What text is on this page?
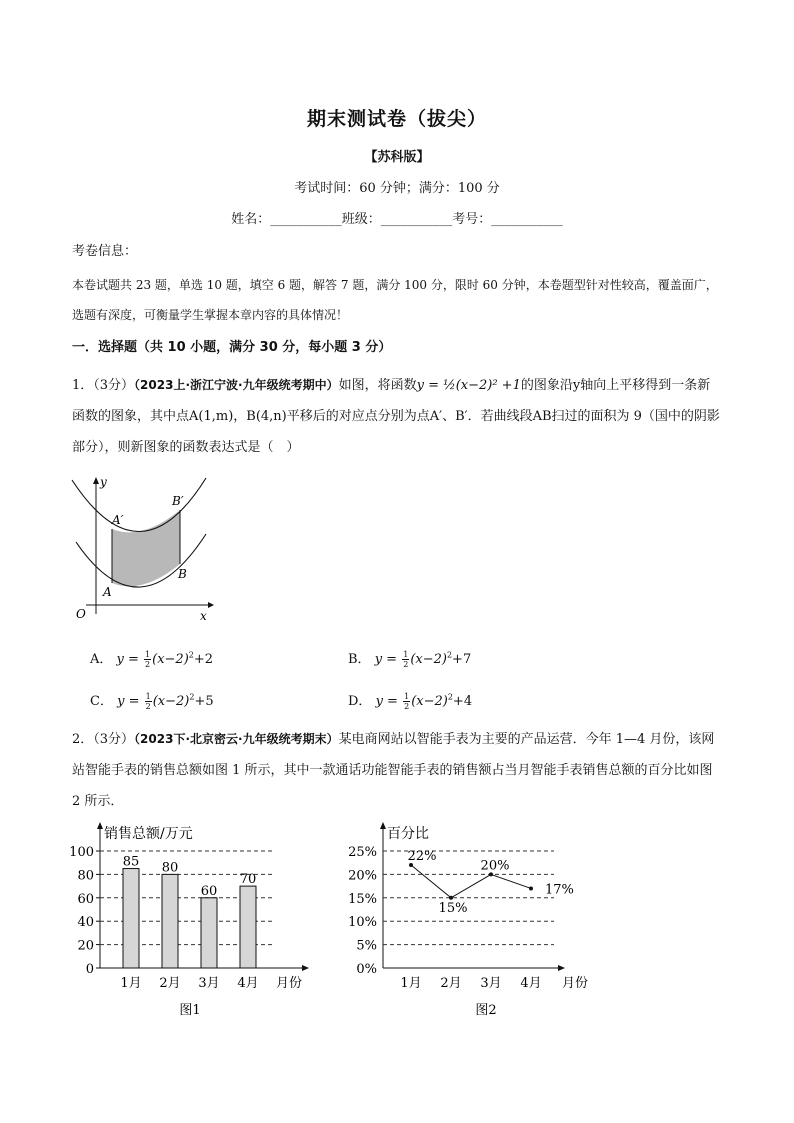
期末测试卷（拔尖）
【苏科版】
考试时间：60 分钟；满分：100 分
姓名：___________班级：___________考号：___________
考卷信息：
本卷试题共 23 题，单选 10 题，填空 6 题，解答 7 题，满分 100 分，限时 60 分钟，本卷题型针对性较高，覆盖面广，选题有深度，可衡量学生掌握本章内容的具体情况！
一．选择题（共 10 小题，满分 30 分，每小题 3 分）
1．（3分）（2023上·浙江宁波·九年级统考期中）如图，将函数y = ½(x−2)² +1的图象沿y轴向上平移得到一条新函数的图象，其中点A(1,m)，B(4,n)平移后的对应点分别为点A′、B′．若曲线段AB扫过的面积为 9（国中的阴影部分），则新图象的函数表达式是（　）
y
x
O
A
B
A′
B′
A． $y = \frac{1}{2} (x-2)^2+2$	B． $y = \frac{1}{2} (x-2)^2+7$
C． $y = \frac{1}{2} (x-2)^2+5$	D． $y = \frac{1}{2} (x-2)^2+4$
2．（3分）（2023下·北京密云·九年级统考期末）某电商网站以智能手表为主要的产品运营．今年 1—4 月份，该网站智能手表的销售总额如图 1 所示，其中一款通话功能智能手表的销售额占当月智能手表销售总额的百分比如图 2 所示．
销售总额/万元
0
20
40
60
80
100
85
1月
80
2月
60
3月
70
4月 月份
图1
百分比
0%
5%
10%
15%
20%
25% 22%
1月
15%
2月
20%
3月
17%
4月 月份
图2
